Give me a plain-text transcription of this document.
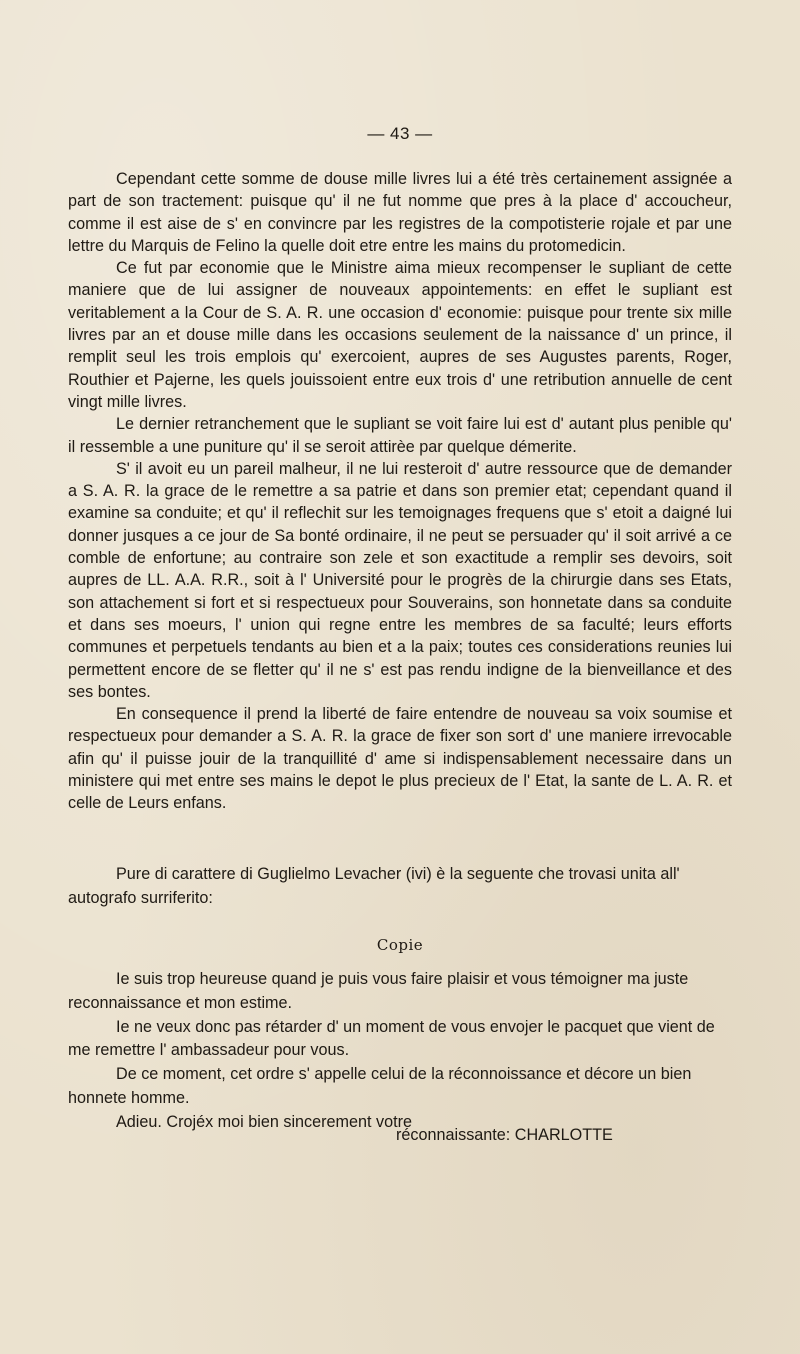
— 43 —

Cependant cette somme de douse mille livres lui a été très certainement assignée a part de son tractement: puisque qu' il ne fut nomme que pres à la place d' accoucheur, comme il est aise de s' en convincre par les registres de la compotisterie rojale et par une lettre du Marquis de Felino la quelle doit etre entre les mains du protomedicin.

Ce fut par economie que le Ministre aima mieux recompenser le supliant de cette maniere que de lui assigner de nouveaux appointements: en effet le supliant est veritablement a la Cour de S. A. R. une occasion d' economie: puisque pour trente six mille livres par an et douse mille dans les occasions seulement de la naissance d' un prince, il remplit seul les trois emplois qu' exercoient, aupres de ses Augustes parents, Roger, Routhier et Pajerne, les quels jouissoient entre eux trois d' une retribution annuelle de cent vingt mille livres.

Le dernier retranchement que le supliant se voit faire lui est d' autant plus penible qu' il ressemble a une puniture qu' il se seroit attirèe par quelque démerite.

S' il avoit eu un pareil malheur, il ne lui resteroit d' autre ressource que de demander a S. A. R. la grace de le remettre a sa patrie et dans son premier etat; cependant quand il examine sa conduite; et qu' il reflechit sur les temoignages frequens que s' etoit a daigné lui donner jusques a ce jour de Sa bonté ordinaire, il ne peut se persuader qu' il soit arrivé a ce comble de enfortune; au contraire son zele et son exactitude a remplir ses devoirs, soit aupres de LL. A.A. R.R., soit à l' Université pour le progrès de la chirurgie dans ses Etats, son attachement si fort et si respectueux pour Souverains, son honnetate dans sa conduite et dans ses moeurs, l' union qui regne entre les membres de sa faculté; leurs efforts communes et perpetuels tendants au bien et a la paix; toutes ces considerations reunies lui permettent encore de se fletter qu' il ne s' est pas rendu indigne de la bienveillance et des ses bontes.

En consequence il prend la liberté de faire entendre de nouveau sa voix soumise et respectueux pour demander a S. A. R. la grace de fixer son sort d' une maniere irrevocable afin qu' il puisse jouir de la tranquillité d' ame si indispensablement necessaire dans un ministere qui met entre ses mains le depot le plus precieux de l' Etat, la sante de L. A. R. et celle de Leurs enfans.

Pure di carattere di Guglielmo Levacher (ivi) è la seguente che trovasi unita all' autografo surriferito:

Copie

Ie suis trop heureuse quand je puis vous faire plaisir et vous témoigner ma juste reconnaissance et mon estime.

Ie ne veux donc pas rétarder d' un moment de vous envojer le pacquet que vient de me remettre l' ambassadeur pour vous.

De ce moment, cet ordre s' appelle celui de la réconnoissance et décore un bien honnete homme.

Adieu. Crojéx moi bien sincerement votre

réconnaissante: CHARLOTTE
